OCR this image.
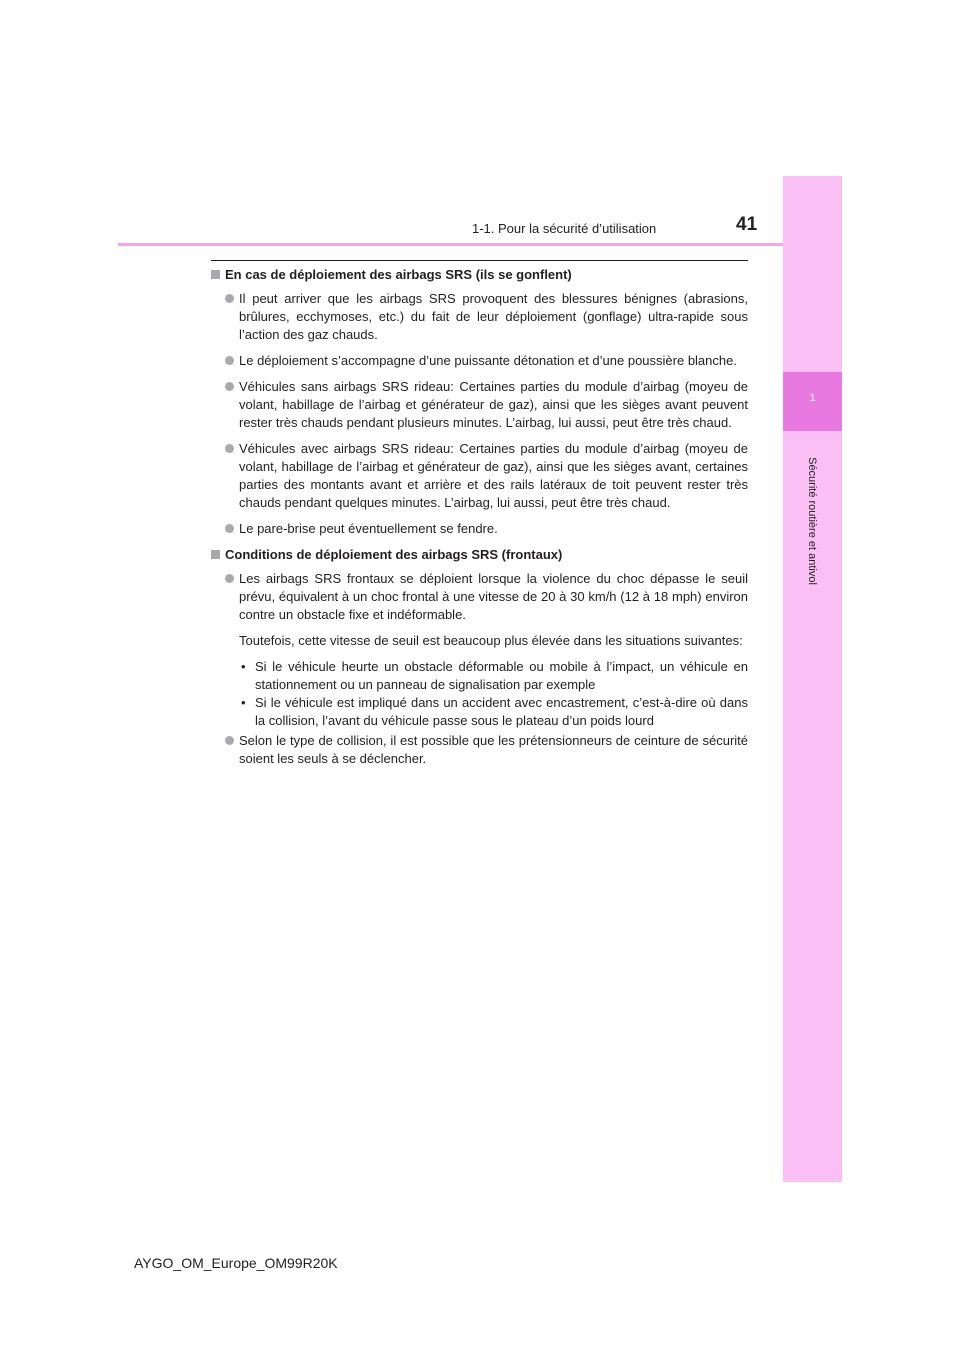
1-1. Pour la sécurité d’utilisation	41
1
Sécurité routière et antivol
En cas de déploiement des airbags SRS (ils se gonflent)
Il peut arriver que les airbags SRS provoquent des blessures bénignes (abrasions, brûlures, ecchymoses, etc.) du fait de leur déploiement (gonflage) ultra-rapide sous l’action des gaz chauds.
Le déploiement s’accompagne d’une puissante détonation et d’une poussière blanche.
Véhicules sans airbags SRS rideau: Certaines parties du module d’airbag (moyeu de volant, habillage de l’airbag et générateur de gaz), ainsi que les sièges avant peuvent rester très chauds pendant plusieurs minutes. L’airbag, lui aussi, peut être très chaud.
Véhicules avec airbags SRS rideau: Certaines parties du module d’airbag (moyeu de volant, habillage de l’airbag et générateur de gaz), ainsi que les sièges avant, certaines parties des montants avant et arrière et des rails latéraux de toit peuvent rester très chauds pendant quelques minutes. L’airbag, lui aussi, peut être très chaud.
Le pare-brise peut éventuellement se fendre.
Conditions de déploiement des airbags SRS (frontaux)
Les airbags SRS frontaux se déploient lorsque la violence du choc dépasse le seuil prévu, équivalent à un choc frontal à une vitesse de 20 à 30 km/h (12 à 18 mph) environ contre un obstacle fixe et indéformable.
Toutefois, cette vitesse de seuil est beaucoup plus élevée dans les situations suivantes:
• Si le véhicule heurte un obstacle déformable ou mobile à l’impact, un véhicule en stationnement ou un panneau de signalisation par exemple
• Si le véhicule est impliqué dans un accident avec encastrement, c’est-à-dire où dans la collision, l’avant du véhicule passe sous le plateau d’un poids lourd
Selon le type de collision, il est possible que les prétensionneurs de ceinture de sécurité soient les seuls à se déclencher.
AYGO_OM_Europe_OM99R20K
